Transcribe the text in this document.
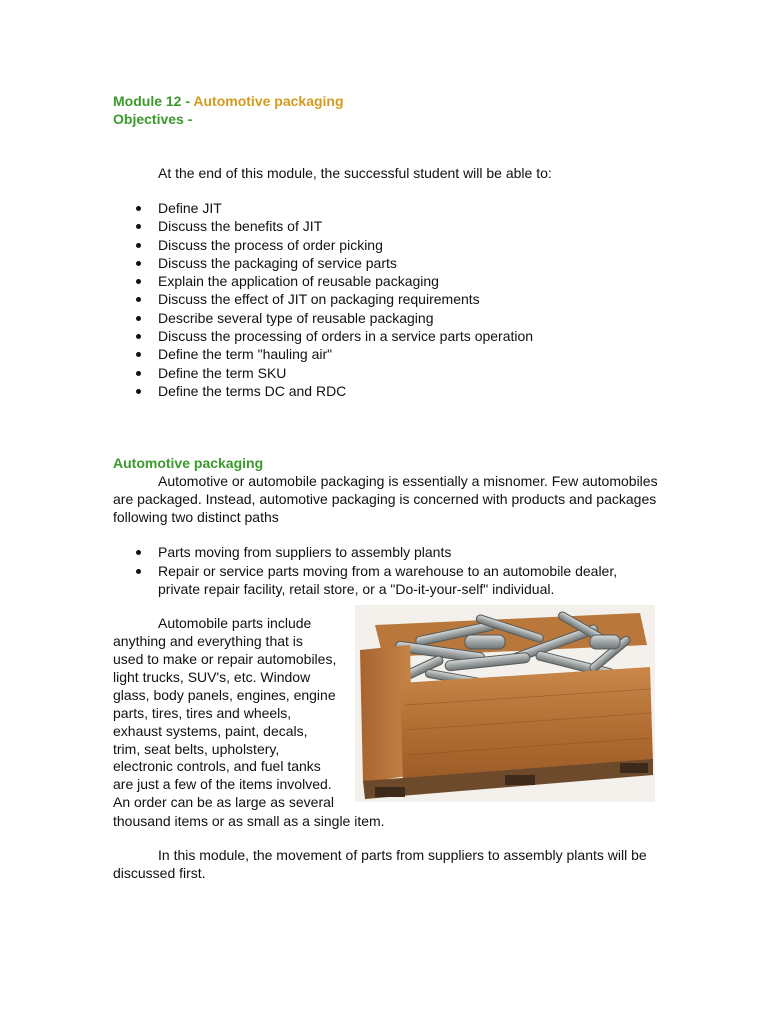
Module 12 - Automotive packaging
Objectives -
At the end of this module, the successful student will be able to:
Define JIT
Discuss the benefits of JIT
Discuss the process of order picking
Discuss the packaging of service parts
Explain the application of reusable packaging
Discuss the effect of JIT on packaging requirements
Describe several type of reusable packaging
Discuss the processing of orders in a service parts operation
Define the term "hauling air"
Define the term SKU
Define the terms DC and RDC
Automotive packaging
Automotive or automobile packaging is essentially a misnomer. Few automobiles are packaged. Instead, automotive packaging is concerned with products and packages following two distinct paths
Parts moving from suppliers to assembly plants
Repair or service parts moving from a warehouse to an automobile dealer, private repair facility, retail store, or a "Do-it-your-self" individual.
Automobile parts include
anything and everything that is
used to make or repair automobiles,
light trucks, SUV's, etc. Window
glass, body panels, engines, engine
parts, tires, tires and wheels,
exhaust systems, paint, decals,
trim, seat belts, upholstery,
electronic controls, and fuel tanks
are just a few of the items involved.
An order can be as large as several
thousand items or as small as a single item.
In this module, the movement of parts from suppliers to assembly plants will be discussed first.
